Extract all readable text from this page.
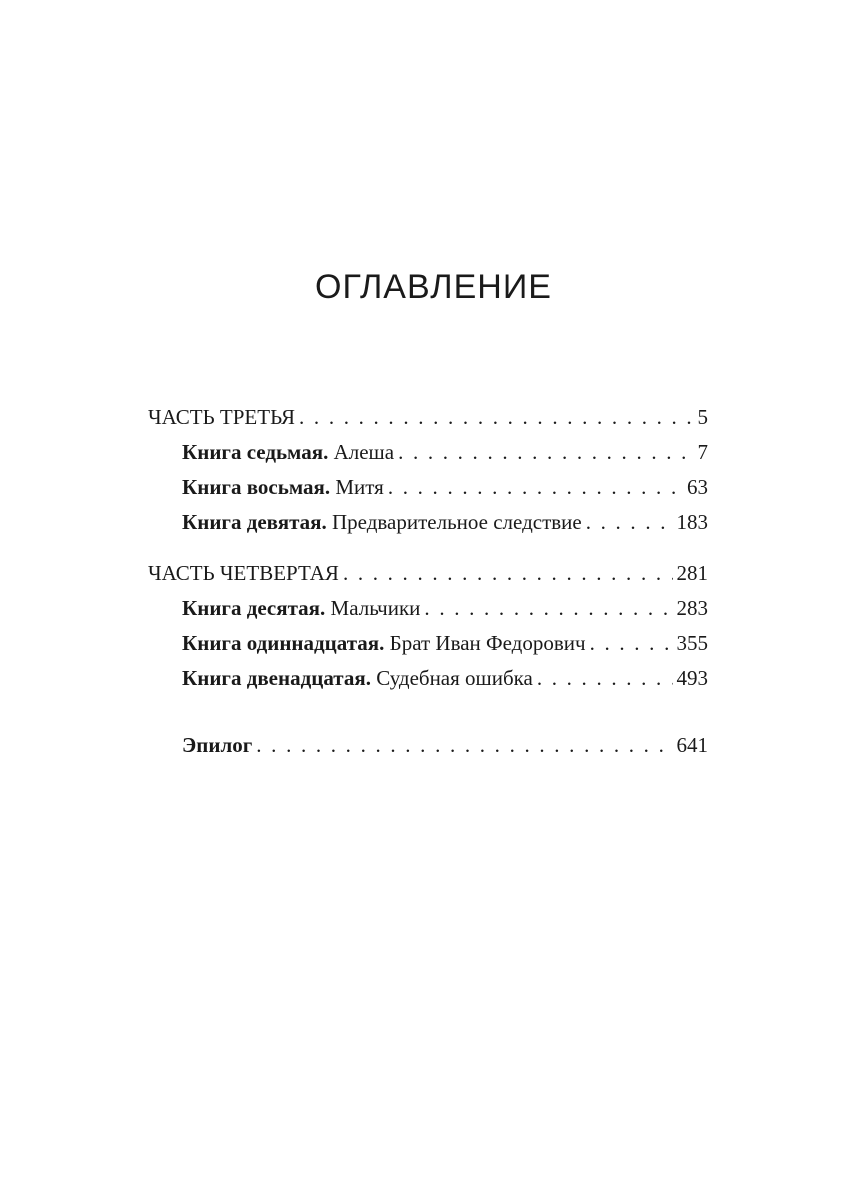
ОГЛАВЛЕНИЕ
ЧАСТЬ ТРЕТЬЯ . . .	5
Книга седьмая. Алеша . . .	7
Книга восьмая. Митя . . .	63
Книга девятая. Предварительное следствие . . .	183
ЧАСТЬ ЧЕТВЕРТАЯ . . .	281
Книга десятая. Мальчики . . .	283
Книга одиннадцатая. Брат Иван Федорович . . .	355
Книга двенадцатая. Судебная ошибка . . .	493
Эпилог . . .	641
